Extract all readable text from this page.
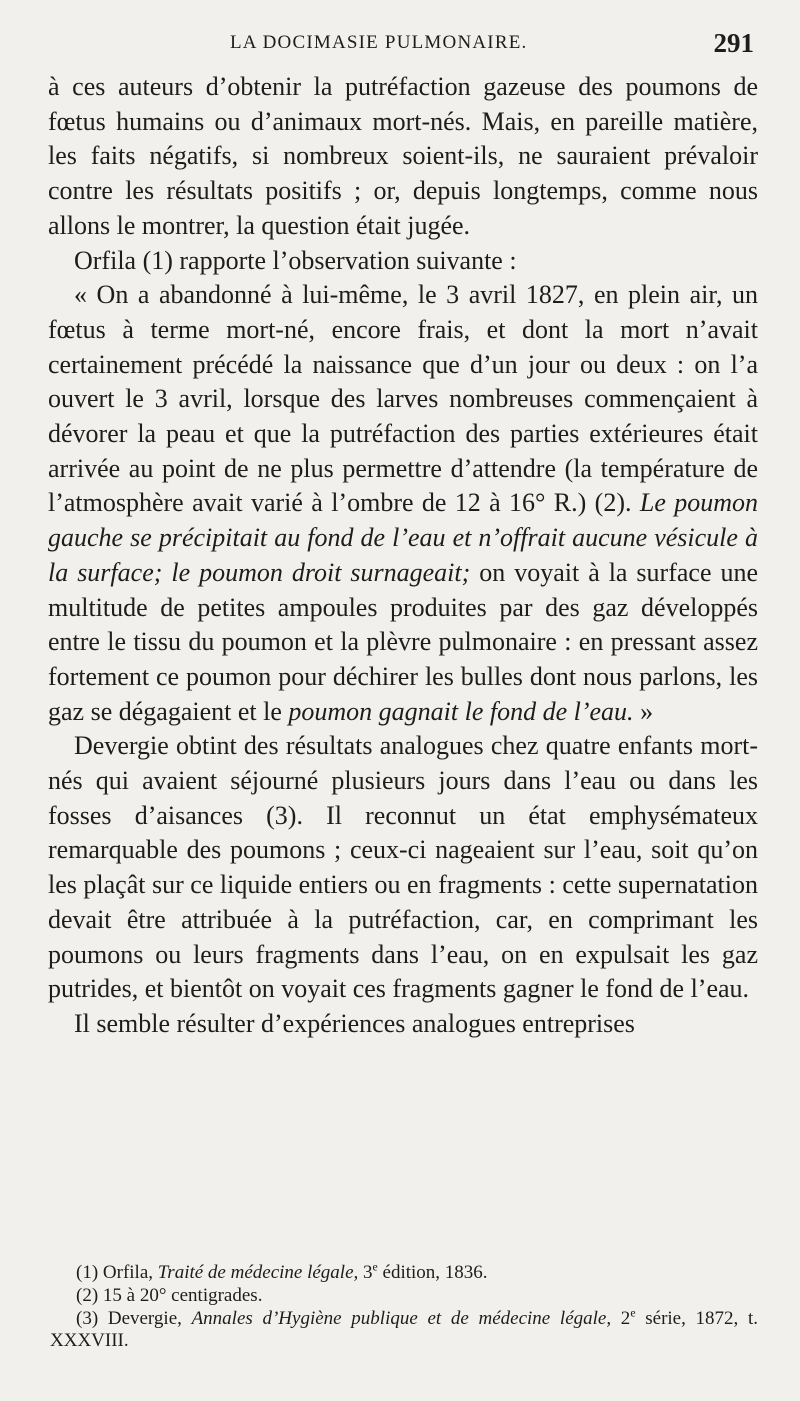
LA DOCIMASIE PULMONAIRE.	291

à ces auteurs d’obtenir la putréfaction gazeuse des poumons de fœtus humains ou d’animaux mort-nés. Mais, en pareille matière, les faits négatifs, si nombreux soient-ils, ne sauraient prévaloir contre les résultats positifs ; or, depuis longtemps, comme nous allons le montrer, la question était jugée.

Orfila (1) rapporte l’observation suivante :

« On a abandonné à lui-même, le 3 avril 1827, en plein air, un fœtus à terme mort-né, encore frais, et dont la mort n’avait certainement précédé la naissance que d’un jour ou deux : on l’a ouvert le 3 avril, lorsque des larves nombreuses commençaient à dévorer la peau et que la putréfaction des parties extérieures était arrivée au point de ne plus permettre d’attendre (la température de l’atmosphère avait varié à l’ombre de 12 à 16° R.) (2). Le poumon gauche se précipitait au fond de l’eau et n’offrait aucune vésicule à la surface; le poumon droit surnageait; on voyait à la surface une multitude de petites ampoules produites par des gaz développés entre le tissu du poumon et la plèvre pulmonaire : en pressant assez fortement ce poumon pour déchirer les bulles dont nous parlons, les gaz se dégagaient et le poumon gagnait le fond de l’eau. »

Devergie obtint des résultats analogues chez quatre enfants mort-nés qui avaient séjourné plusieurs jours dans l’eau ou dans les fosses d’aisances (3). Il reconnut un état emphysémateux remarquable des poumons ; ceux-ci nageaient sur l’eau, soit qu’on les plaçât sur ce liquide entiers ou en fragments : cette supernatation devait être attribuée à la putréfaction, car, en comprimant les poumons ou leurs fragments dans l’eau, on en expulsait les gaz putrides, et bientôt on voyait ces fragments gagner le fond de l’eau.

Il semble résulter d’expériences analogues entreprises

(1) Orfila, Traité de médecine légale, 3e édition, 1836.

(2) 15 à 20° centigrades.

(3) Devergie, Annales d’Hygiène publique et de médecine légale, 2e série, 1872, t. XXXVIII.
